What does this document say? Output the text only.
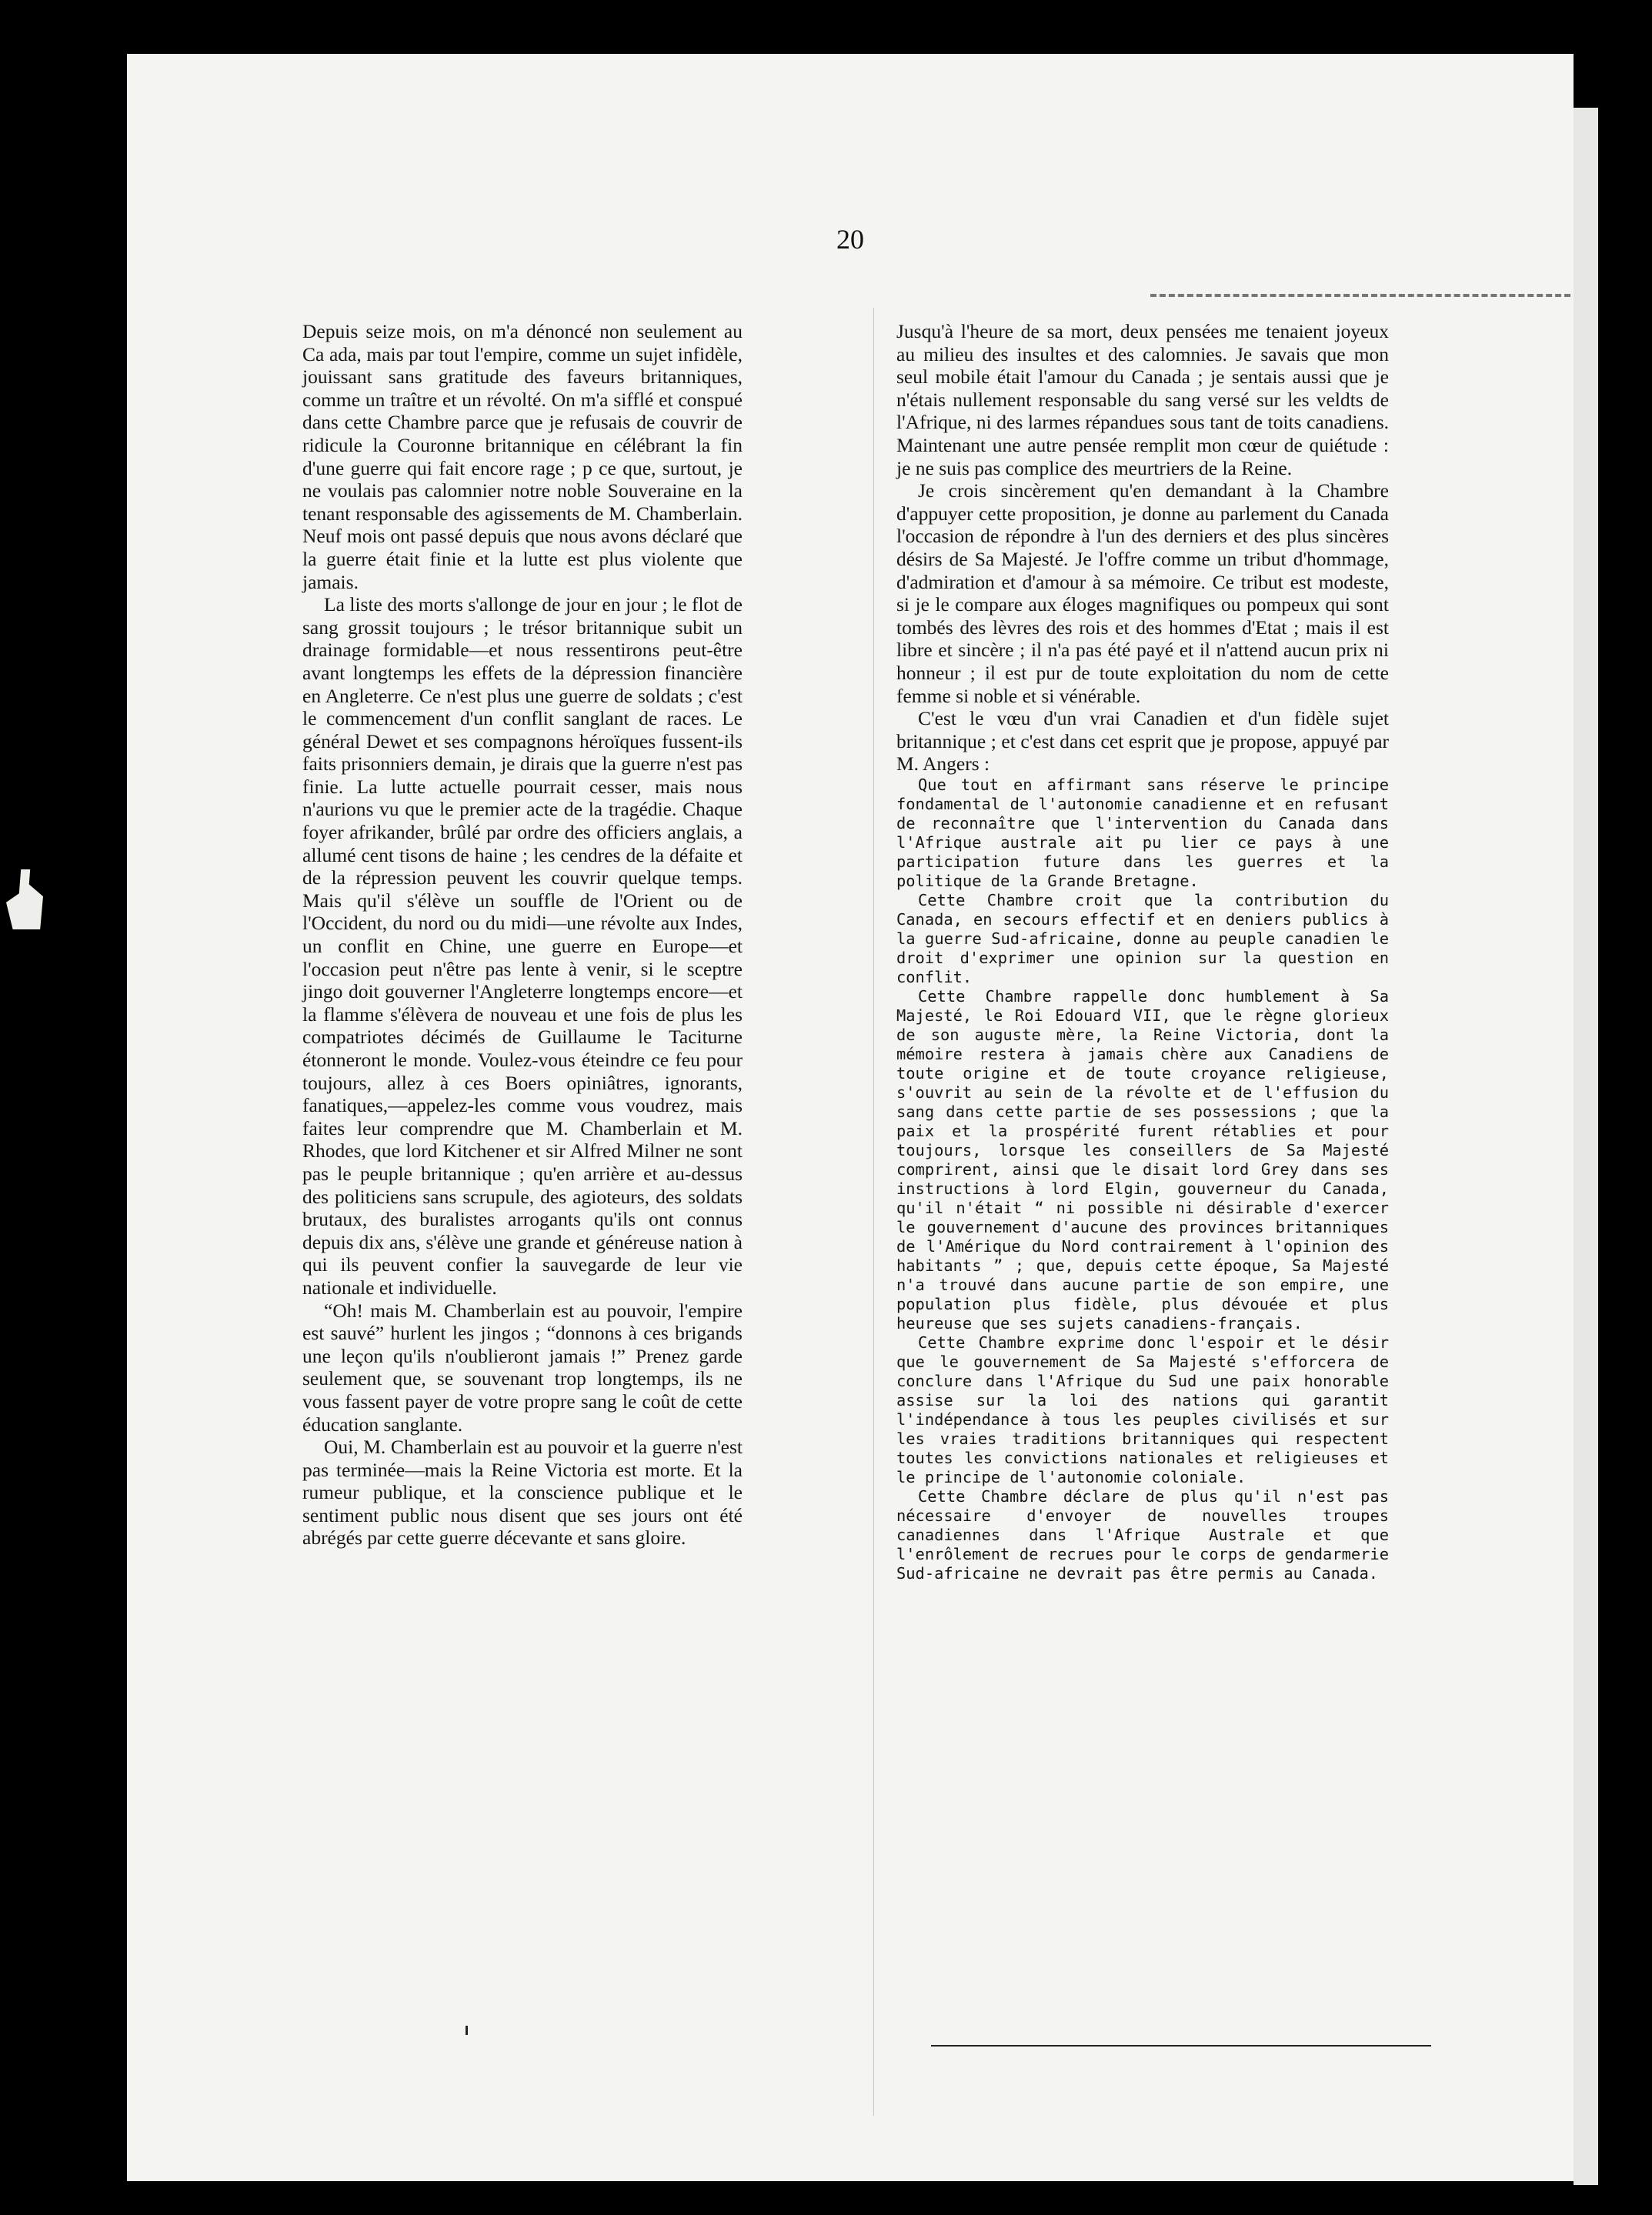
20

Depuis seize mois, on m'a dénoncé non seulement au Ca ada, mais par tout l'empire, comme un sujet infidèle, jouissant sans gratitude des faveurs britanniques, comme un traître et un révolté. On m'a sifflé et conspué dans cette Chambre parce que je refusais de couvrir de ridicule la Couronne britannique en célébrant la fin d'une guerre qui fait encore rage ; p ce que, surtout, je ne voulais pas calomnier notre noble Souveraine en la tenant responsable des agissements de M. Chamberlain. Neuf mois ont passé depuis que nous avons déclaré que la guerre était finie et la lutte est plus violente que jamais.

La liste des morts s'allonge de jour en jour ; le flot de sang grossit toujours ; le trésor britannique subit un drainage formidable—et nous ressentirons peut-être avant longtemps les effets de la dépression financière en Angleterre. Ce n'est plus une guerre de soldats ; c'est le commencement d'un conflit sanglant de races. Le général Dewet et ses compagnons héroïques fussent-ils faits prisonniers demain, je dirais que la guerre n'est pas finie. La lutte actuelle pourrait cesser, mais nous n'aurions vu que le premier acte de la tragédie. Chaque foyer afrikander, brûlé par ordre des officiers anglais, a allumé cent tisons de haine ; les cendres de la défaite et de la répression peuvent les couvrir quelque temps. Mais qu'il s'élève un souffle de l'Orient ou de l'Occident, du nord ou du midi—une révolte aux Indes, un conflit en Chine, une guerre en Europe—et l'occasion peut n'être pas lente à venir, si le sceptre jingo doit gouverner l'Angleterre longtemps encore—et la flamme s'élèvera de nouveau et une fois de plus les compatriotes décimés de Guillaume le Taciturne étonneront le monde. Voulez-vous éteindre ce feu pour toujours, allez à ces Boers opiniâtres, ignorants, fanatiques,—appelez-les comme vous voudrez, mais faites leur comprendre que M. Chamberlain et M. Rhodes, que lord Kitchener et sir Alfred Milner ne sont pas le peuple britannique ; qu'en arrière et au-dessus des politiciens sans scrupule, des agioteurs, des soldats brutaux, des buralistes arrogants qu'ils ont connus depuis dix ans, s'élève une grande et généreuse nation à qui ils peuvent confier la sauvegarde de leur vie nationale et individuelle.

“Oh! mais M. Chamberlain est au pouvoir, l'empire est sauvé” hurlent les jingos ; “donnons à ces brigands une leçon qu'ils n'oublieront jamais !” Prenez garde seulement que, se souvenant trop longtemps, ils ne vous fassent payer de votre propre sang le coût de cette éducation sanglante.

Oui, M. Chamberlain est au pouvoir et la guerre n'est pas terminée—mais la Reine Victoria est morte. Et la rumeur publique, et la conscience publique et le sentiment public nous disent que ses jours ont été abrégés par cette guerre décevante et sans gloire.

Jusqu'à l'heure de sa mort, deux pensées me tenaient joyeux au milieu des insultes et des calomnies. Je savais que mon seul mobile était l'amour du Canada ; je sentais aussi que je n'étais nullement responsable du sang versé sur les veldts de l'Afrique, ni des larmes répandues sous tant de toits canadiens. Maintenant une autre pensée remplit mon cœur de quiétude : je ne suis pas complice des meurtriers de la Reine.

Je crois sincèrement qu'en demandant à la Chambre d'appuyer cette proposition, je donne au parlement du Canada l'occasion de répondre à l'un des derniers et des plus sincères désirs de Sa Majesté. Je l'offre comme un tribut d'hommage, d'admiration et d'amour à sa mémoire. Ce tribut est modeste, si je le compare aux éloges magnifiques ou pompeux qui sont tombés des lèvres des rois et des hommes d'Etat ; mais il est libre et sincère ; il n'a pas été payé et il n'attend aucun prix ni honneur ; il est pur de toute exploitation du nom de cette femme si noble et si vénérable.

C'est le vœu d'un vrai Canadien et d'un fidèle sujet britannique ; et c'est dans cet esprit que je propose, appuyé par M. Angers :

Que tout en affirmant sans réserve le principe fondamental de l'autonomie canadienne et en refusant de reconnaître que l'intervention du Canada dans l'Afrique australe ait pu lier ce pays à une participation future dans les guerres et la politique de la Grande Bretagne.

Cette Chambre croit que la contribution du Canada, en secours effectif et en deniers publics à la guerre Sud-africaine, donne au peuple canadien le droit d'exprimer une opinion sur la question en conflit.

Cette Chambre rappelle donc humblement à Sa Majesté, le Roi Edouard VII, que le règne glorieux de son auguste mère, la Reine Victoria, dont la mémoire restera à jamais chère aux Canadiens de toute origine et de toute croyance religieuse, s'ouvrit au sein de la révolte et de l'effusion du sang dans cette partie de ses possessions ; que la paix et la prospérité furent rétablies et pour toujours, lorsque les conseillers de Sa Majesté comprirent, ainsi que le disait lord Grey dans ses instructions à lord Elgin, gouverneur du Canada, qu'il n'était “ ni possible ni désirable d'exercer le gouvernement d'aucune des provinces britanniques de l'Amérique du Nord contrairement à l'opinion des habitants ” ; que, depuis cette époque, Sa Majesté n'a trouvé dans aucune partie de son empire, une population plus fidèle, plus dévouée et plus heureuse que ses sujets canadiens-français.

Cette Chambre exprime donc l'espoir et le désir que le gouvernement de Sa Majesté s'efforcera de conclure dans l'Afrique du Sud une paix honorable assise sur la loi des nations qui garantit l'indépendance à tous les peuples civilisés et sur les vraies traditions britanniques qui respectent toutes les convictions nationales et religieuses et le principe de l'autonomie coloniale.

Cette Chambre déclare de plus qu'il n'est pas nécessaire d'envoyer de nouvelles troupes canadiennes dans l'Afrique Australe et que l'enrôlement de recrues pour le corps de gendarmerie Sud-africaine ne devrait pas être permis au Canada.
